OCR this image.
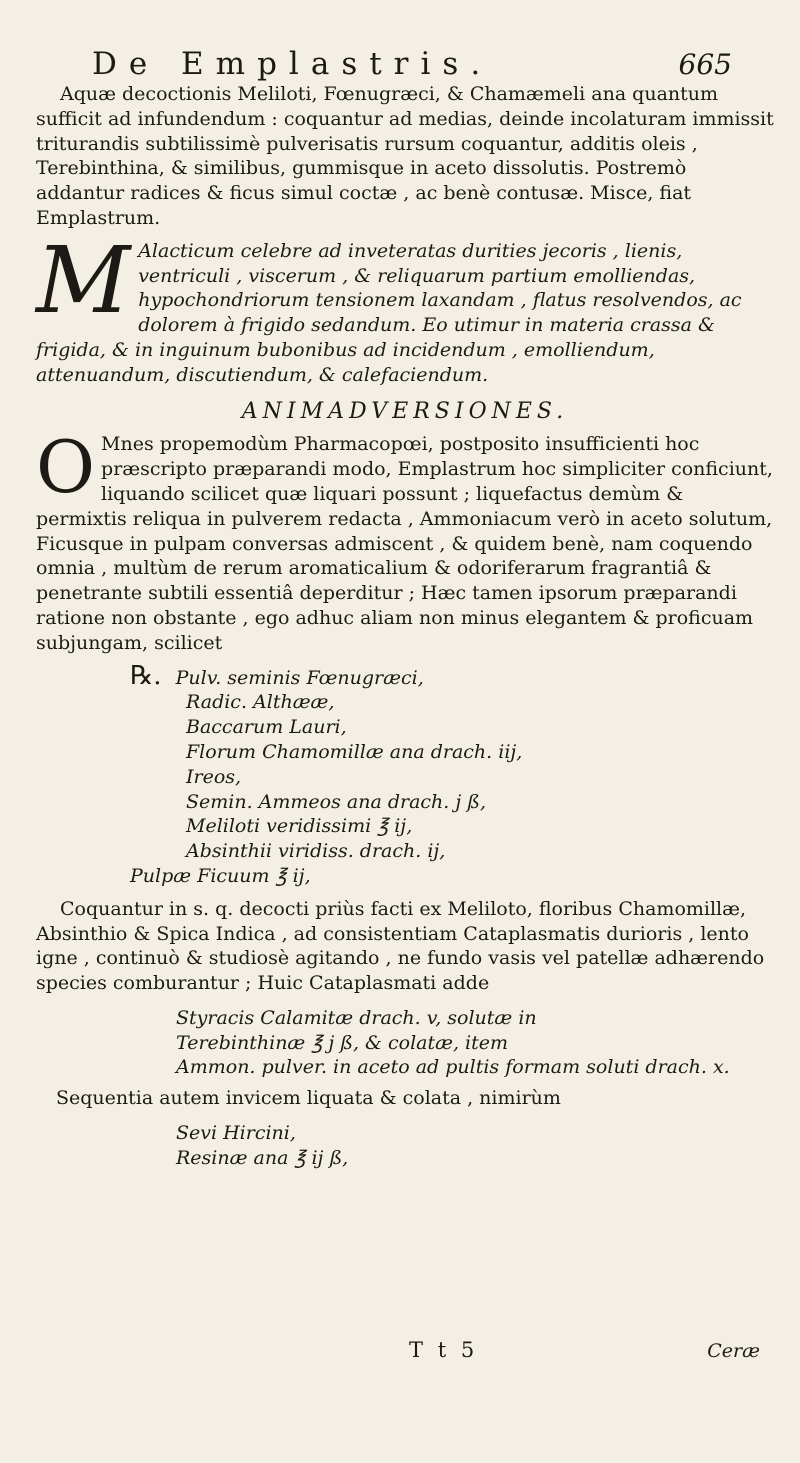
De Emplastris.	665

Aquæ decoctionis Meliloti, Fœnugræci, & Chamæmeli ana quantum sufficit ad infundendum : coquantur ad medias, deinde incolaturam immissit triturandis subtilissimè pulverisatis rursum coquantur, additis oleis , Terebinthina, & similibus, gummisque in aceto dissolutis. Postremò addantur radices & ficus simul coctæ , ac benè contusæ. Misce, fiat Emplastrum.

M Alacticum celebre ad inveteratas durities jecoris , lienis, ventriculi , viscerum , & reliquarum partium emolliendas, hypochondriorum tensionem laxandam , flatus resolvendos, ac dolorem à frigido sedandum. Eo utimur in materia crassa & frigida, & in inguinum bubonibus ad incidendum , emolliendum, attenuandum, discutiendum, & calefaciendum.

ANIMADVERSIONES.

O Mnes propemodùm Pharmacopœi, postposito insufficienti hoc præscripto præparandi modo, Emplastrum hoc simpliciter conficiunt, liquando scilicet quæ liquari possunt ; liquefactus demùm & permixtis reliqua in pulverem redacta , Ammoniacum verò in aceto solutum, Ficusque in pulpam conversas admiscent , & quidem benè, nam coquendo omnia , multùm de rerum aromaticalium & odoriferarum fragrantiâ & penetrante subtili essentiâ deperditur ; Hæc tamen ipsorum præparandi ratione non obstante , ego adhuc aliam non minus elegantem & proficuam subjungam, scilicet

℞. Pulv. seminis Fœnugræci,
Radic. Althææ,
Baccarum Lauri,
Florum Chamomillæ ana drach. iij,
Ireos,
Semin. Ammeos ana drach. j ß,
Meliloti veridissimi ℥ ij,
Absinthii viridiss. drach. ij,
Pulpæ Ficuum ℥ ij,

Coquantur in s. q. decocti priùs facti ex Meliloto, floribus Chamomillæ, Absinthio & Spica Indica , ad consistentiam Cataplasmatis durioris , lento igne , continuò & studiosè agitando , ne fundo vasis vel patellæ adhærendo species comburantur ; Huic Cataplasmati adde

Styracis Calamitæ drach. v, solutæ in
Terebinthinæ ℥ j ß, & colatæ, item
Ammon. pulver. in aceto ad pultis formam soluti drach. x.

Sequentia autem invicem liquata & colata , nimirùm

Sevi Hircini,
Resinæ ana ℥ ij ß,
T t 5	Ceræ
